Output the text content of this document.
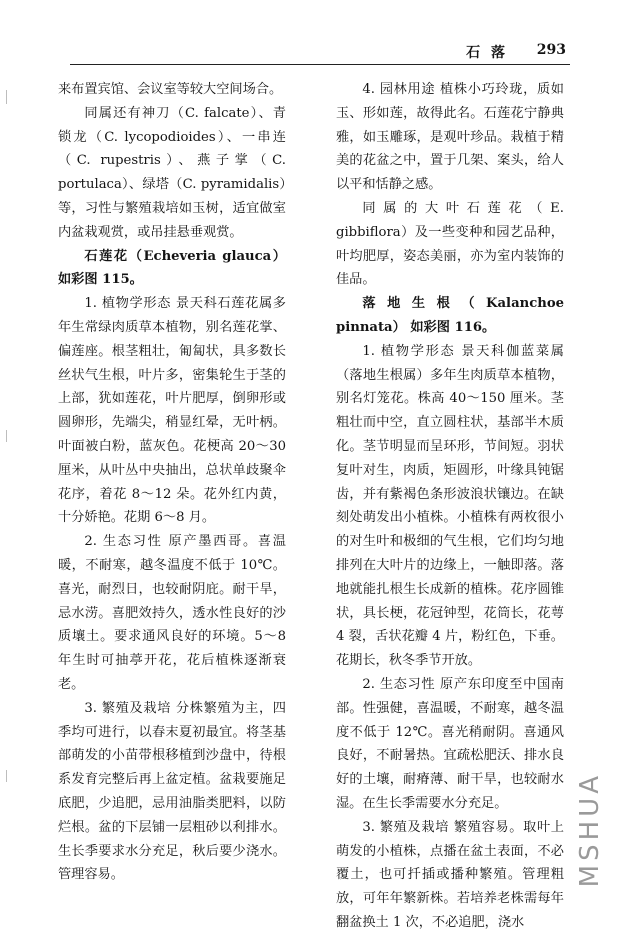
石 落 293

来布置宾馆、会议室等较大空间场合。

同属还有神刀（C. falcate）、青锁龙（C. lycopodioides）、一串连（C. rupestris）、燕子掌（C. portulaca）、绿塔（C. pyramidalis）等，习性与繁殖栽培如玉树，适宜做室内盆栽观赏，或吊挂悬垂观赏。

石莲花（Echeveria glauca） 如彩图 115。

1. 植物学形态 景天科石莲花属多年生常绿肉质草本植物，别名莲花掌、偏莲座。根茎粗壮，匍匐状，具多数长丝状气生根，叶片多，密集轮生于茎的上部，犹如莲花，叶片肥厚，倒卵形或圆卵形，先端尖，稍显红晕，无叶柄。叶面被白粉，蓝灰色。花梗高 20～30 厘米，从叶丛中央抽出，总状单歧聚伞花序，着花 8～12 朵。花外红内黄，十分娇艳。花期 6～8 月。

2. 生态习性 原产墨西哥。喜温暖，不耐寒，越冬温度不低于 10℃。喜光，耐烈日，也较耐阴庇。耐干旱，忌水涝。喜肥效持久，透水性良好的沙质壤土。要求通风良好的环境。5～8 年生时可抽葶开花，花后植株逐渐衰老。

3. 繁殖及栽培 分株繁殖为主，四季均可进行，以春末夏初最宜。将茎基部萌发的小苗带根移植到沙盘中，待根系发育完整后再上盆定植。盆栽要施足底肥，少追肥，忌用油脂类肥料，以防烂根。盆的下层铺一层粗砂以利排水。生长季要求水分充足，秋后要少浇水。管理容易。

4. 园林用途 植株小巧玲珑，质如玉、形如莲，故得此名。石莲花宁静典雅，如玉雕琢，是观叶珍品。栽植于精美的花盆之中，置于几架、案头，给人以平和恬静之感。

同属的大叶石莲花（E. gibbiflora）及一些变种和园艺品种，叶均肥厚，姿态美丽，亦为室内装饰的佳品。

落地生根（Kalanchoe pinnata） 如彩图 116。

1. 植物学形态 景天科伽蓝菜属（落地生根属）多年生肉质草本植物，别名灯笼花。株高 40～150 厘米。茎粗壮而中空，直立圆柱状，基部半木质化。茎节明显而呈环形，节间短。羽状复叶对生，肉质，矩圆形，叶缘具钝锯齿，并有紫褐色条形波浪状镶边。在缺刻处萌发出小植株。小植株有两枚很小的对生叶和极细的气生根，它们均匀地排列在大叶片的边缘上，一触即落。落地就能扎根生长成新的植株。花序圆锥状，具长梗，花冠钟型，花筒长，花萼 4 裂，舌状花瓣 4 片，粉红色，下垂。花期长，秋冬季节开放。

2. 生态习性 原产东印度至中国南部。性强健，喜温暖，不耐寒，越冬温度不低于 12℃。喜光稍耐阴。喜通风良好，不耐暑热。宜疏松肥沃、排水良好的土壤，耐瘠薄、耐干旱，也较耐水湿。在生长季需要水分充足。

3. 繁殖及栽培 繁殖容易。取叶上萌发的小植株，点播在盆土表面，不必覆土，也可扦插或播种繁殖。管理粗放，可年年繁新株。若培养老株需每年翻盆换土 1 次，不必追肥，浇水

MSHUA
